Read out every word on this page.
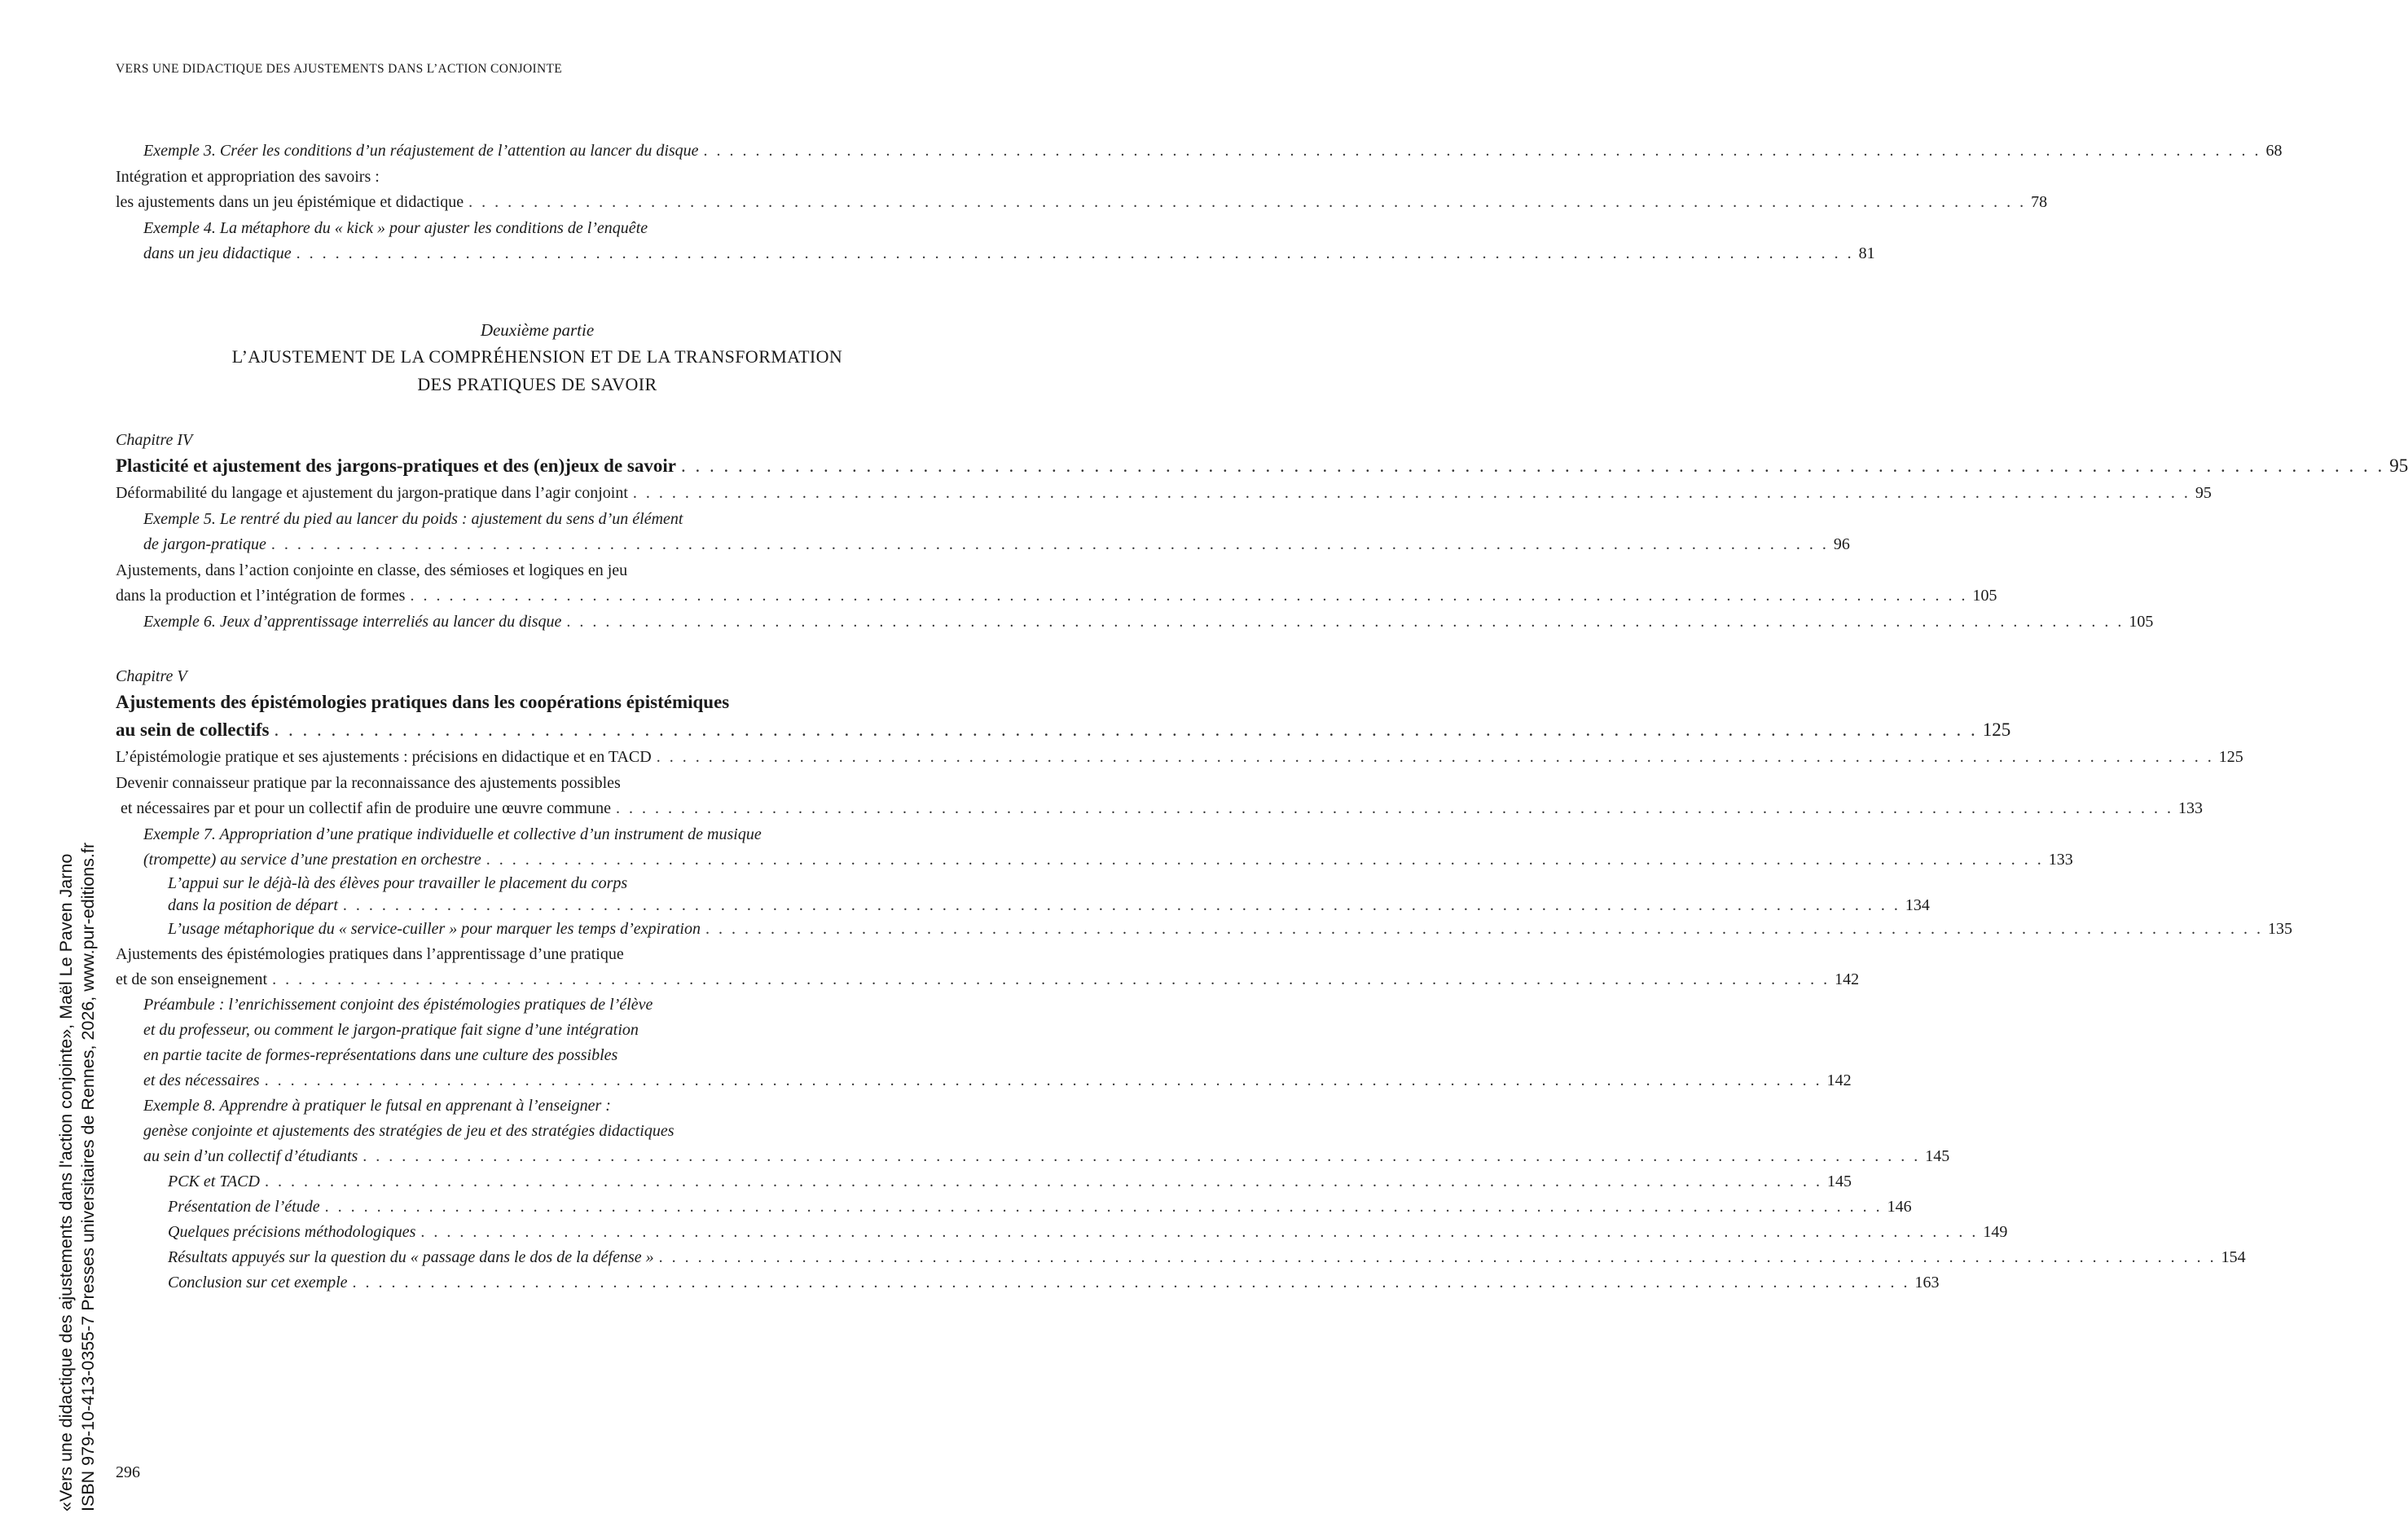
VERS UNE DIDACTIQUE DES AJUSTEMENTS DANS L’ACTION CONJOINTE
Exemple 3. Créer les conditions d’un réajustement de l’attention au lancer du disque . . . . . . . . . . . . . . . . . . . . . . . . . . . . . . . . . . . . . . . . . . . . . . . . . . . . . . . . . . . . . . . . . . . . . . . . . . . . . . . . . . . . . . . . . . . . . . . . . . . . . . . . . . . . . . . . . . . . . . . . 68
Intégration et appropriation des savoirs :
les ajustements dans un jeu épistémique et didactique . . . . . . . . . . . . . . . . . . . . . . . . . . . . . . . . . . . . . . . . . . . . . . . . . . . . . . . . . . . . . . . . . . . . . . . . . . . . . . . . . . . . . . . . . . . . . . . . . . . . . . . . . . . . . . . . . . . . . . . . 78
Exemple 4. La métaphore du « kick » pour ajuster les conditions de l’enquête
dans un jeu didactique . . . . . . . . . . . . . . . . . . . . . . . . . . . . . . . . . . . . . . . . . . . . . . . . . . . . . . . . . . . . . . . . . . . . . . . . . . . . . . . . . . . . . . . . . . . . . . . . . . . . . . . . . . . . . . . . . . . . . . . . 81
Deuxième partie
L’AJUSTEMENT DE LA COMPRÉHENSION ET DE LA TRANSFORMATION
DES PRATIQUES DE SAVOIR
Chapitre IV
Plasticité et ajustement des jargons-pratiques et des (en)jeux de savoir . . . . . . . . . . . . . . . . . . . . . . . . . . . . . . . . . . . . . . . . . . . . . . . . . . . . . . . . . . . . . . . . . . . . . . . . . . . . . . . . . . . . . . . . . . . . . . . . . . . . . . . . . . . . . . . . . . . . . . . . 95
Déformabilité du langage et ajustement du jargon-pratique dans l’agir conjoint . . . . . . . . . . . . . . . . . . . . . . . . . . . . . . . . . . . . . . . . . . . . . . . . . . . . . . . . . . . . . . . . . . . . . . . . . . . . . . . . . . . . . . . . . . . . . . . . . . . . . . . . . . . . . . . . . . . . . . . . 95
Exemple 5. Le rentré du pied au lancer du poids : ajustement du sens d’un élément
de jargon-pratique . . . . . . . . . . . . . . . . . . . . . . . . . . . . . . . . . . . . . . . . . . . . . . . . . . . . . . . . . . . . . . . . . . . . . . . . . . . . . . . . . . . . . . . . . . . . . . . . . . . . . . . . . . . . . . . . . . . . . . . . 96
Ajustements, dans l’action conjointe en classe, des sémioses et logiques en jeu
dans la production et l’intégration de formes . . . . . . . . . . . . . . . . . . . . . . . . . . . . . . . . . . . . . . . . . . . . . . . . . . . . . . . . . . . . . . . . . . . . . . . . . . . . . . . . . . . . . . . . . . . . . . . . . . . . . . . . . . . . . . . . . . . . . . . . 105
Exemple 6. Jeux d’apprentissage interreliés au lancer du disque . . . . . . . . . . . . . . . . . . . . . . . . . . . . . . . . . . . . . . . . . . . . . . . . . . . . . . . . . . . . . . . . . . . . . . . . . . . . . . . . . . . . . . . . . . . . . . . . . . . . . . . . . . . . . . . . . . . . . . . . 105
Chapitre V
Ajustements des épistémologies pratiques dans les coopérations épistémiques
au sein de collectifs . . . . . . . . . . . . . . . . . . . . . . . . . . . . . . . . . . . . . . . . . . . . . . . . . . . . . . . . . . . . . . . . . . . . . . . . . . . . . . . . . . . . . . . . . . . . . . . . . . . . . . . . . . . . . . . . . . . . . . . . 125
L’épistémologie pratique et ses ajustements : précisions en didactique et en TACD . . . . . . . . . . . . . . . . . . . . . . . . . . . . . . . . . . . . . . . . . . . . . . . . . . . . . . . . . . . . . . . . . . . . . . . . . . . . . . . . . . . . . . . . . . . . . . . . . . . . . . . . . . . . . . . . . . . . . . . . 125
Devenir connaisseur pratique par la reconnaissance des ajustements possibles
et nécessaires par et pour un collectif afin de produire une œuvre commune . . . . . . . . . . . . . . . . . . . . . . . . . . . . . . . . . . . . . . . . . . . . . . . . . . . . . . . . . . . . . . . . . . . . . . . . . . . . . . . . . . . . . . . . . . . . . . . . . . . . . . . . . . . . . . . . . . . . . . . . 133
Exemple 7. Appropriation d’une pratique individuelle et collective d’un instrument de musique
(trompette) au service d’une prestation en orchestre . . . . . . . . . . . . . . . . . . . . . . . . . . . . . . . . . . . . . . . . . . . . . . . . . . . . . . . . . . . . . . . . . . . . . . . . . . . . . . . . . . . . . . . . . . . . . . . . . . . . . . . . . . . . . . . . . . . . . . . . 133
L’appui sur le déjà-là des élèves pour travailler le placement du corps
dans la position de départ . . . . . . . . . . . . . . . . . . . . . . . . . . . . . . . . . . . . . . . . . . . . . . . . . . . . . . . . . . . . . . . . . . . . . . . . . . . . . . . . . . . . . . . . . . . . . . . . . . . . . . . . . . . . . . . . . . . . . . . . 134
L’usage métaphorique du « service-cuiller » pour marquer les temps d’expiration . . . . . . . . . . . . . . . . . . . . . . . . . . . . . . . . . . . . . . . . . . . . . . . . . . . . . . . . . . . . . . . . . . . . . . . . . . . . . . . . . . . . . . . . . . . . . . . . . . . . . . . . . . . . . . . . . . . . . . . . 135
Ajustements des épistémologies pratiques dans l’apprentissage d’une pratique
et de son enseignement . . . . . . . . . . . . . . . . . . . . . . . . . . . . . . . . . . . . . . . . . . . . . . . . . . . . . . . . . . . . . . . . . . . . . . . . . . . . . . . . . . . . . . . . . . . . . . . . . . . . . . . . . . . . . . . . . . . . . . . . 142
Préambule : l’enrichissement conjoint des épistémologies pratiques de l’élève
et du professeur, ou comment le jargon-pratique fait signe d’une intégration
en partie tacite de formes-représentations dans une culture des possibles
et des nécessaires . . . . . . . . . . . . . . . . . . . . . . . . . . . . . . . . . . . . . . . . . . . . . . . . . . . . . . . . . . . . . . . . . . . . . . . . . . . . . . . . . . . . . . . . . . . . . . . . . . . . . . . . . . . . . . . . . . . . . . . . 142
Exemple 8. Apprendre à pratiquer le futsal en apprenant à l’enseigner :
genèse conjointe et ajustements des stratégies de jeu et des stratégies didactiques
au sein d’un collectif d’étudiants . . . . . . . . . . . . . . . . . . . . . . . . . . . . . . . . . . . . . . . . . . . . . . . . . . . . . . . . . . . . . . . . . . . . . . . . . . . . . . . . . . . . . . . . . . . . . . . . . . . . . . . . . . . . . . . . . . . . . . . . 145
PCK et TACD . . . . . . . . . . . . . . . . . . . . . . . . . . . . . . . . . . . . . . . . . . . . . . . . . . . . . . . . . . . . . . . . . . . . . . . . . . . . . . . . . . . . . . . . . . . . . . . . . . . . . . . . . . . . . . . . . . . . . . . . 145
Présentation de l’étude . . . . . . . . . . . . . . . . . . . . . . . . . . . . . . . . . . . . . . . . . . . . . . . . . . . . . . . . . . . . . . . . . . . . . . . . . . . . . . . . . . . . . . . . . . . . . . . . . . . . . . . . . . . . . . . . . . . . . . . . 146
Quelques précisions méthodologiques . . . . . . . . . . . . . . . . . . . . . . . . . . . . . . . . . . . . . . . . . . . . . . . . . . . . . . . . . . . . . . . . . . . . . . . . . . . . . . . . . . . . . . . . . . . . . . . . . . . . . . . . . . . . . . . . . . . . . . . . 149
Résultats appuyés sur la question du « passage dans le dos de la défense » . . . . . . . . . . . . . . . . . . . . . . . . . . . . . . . . . . . . . . . . . . . . . . . . . . . . . . . . . . . . . . . . . . . . . . . . . . . . . . . . . . . . . . . . . . . . . . . . . . . . . . . . . . . . . . . . . . . . . . . . 154
Conclusion sur cet exemple . . . . . . . . . . . . . . . . . . . . . . . . . . . . . . . . . . . . . . . . . . . . . . . . . . . . . . . . . . . . . . . . . . . . . . . . . . . . . . . . . . . . . . . . . . . . . . . . . . . . . . . . . . . . . . . . . . . . . . . . 163
«Vers une didactique des ajustements dans l'action conjointe», Maël Le Paven Jarno ISBN 979-10-413-0355-7 Presses universitaires de Rennes, 2026, www.pur-editions.fr 296
